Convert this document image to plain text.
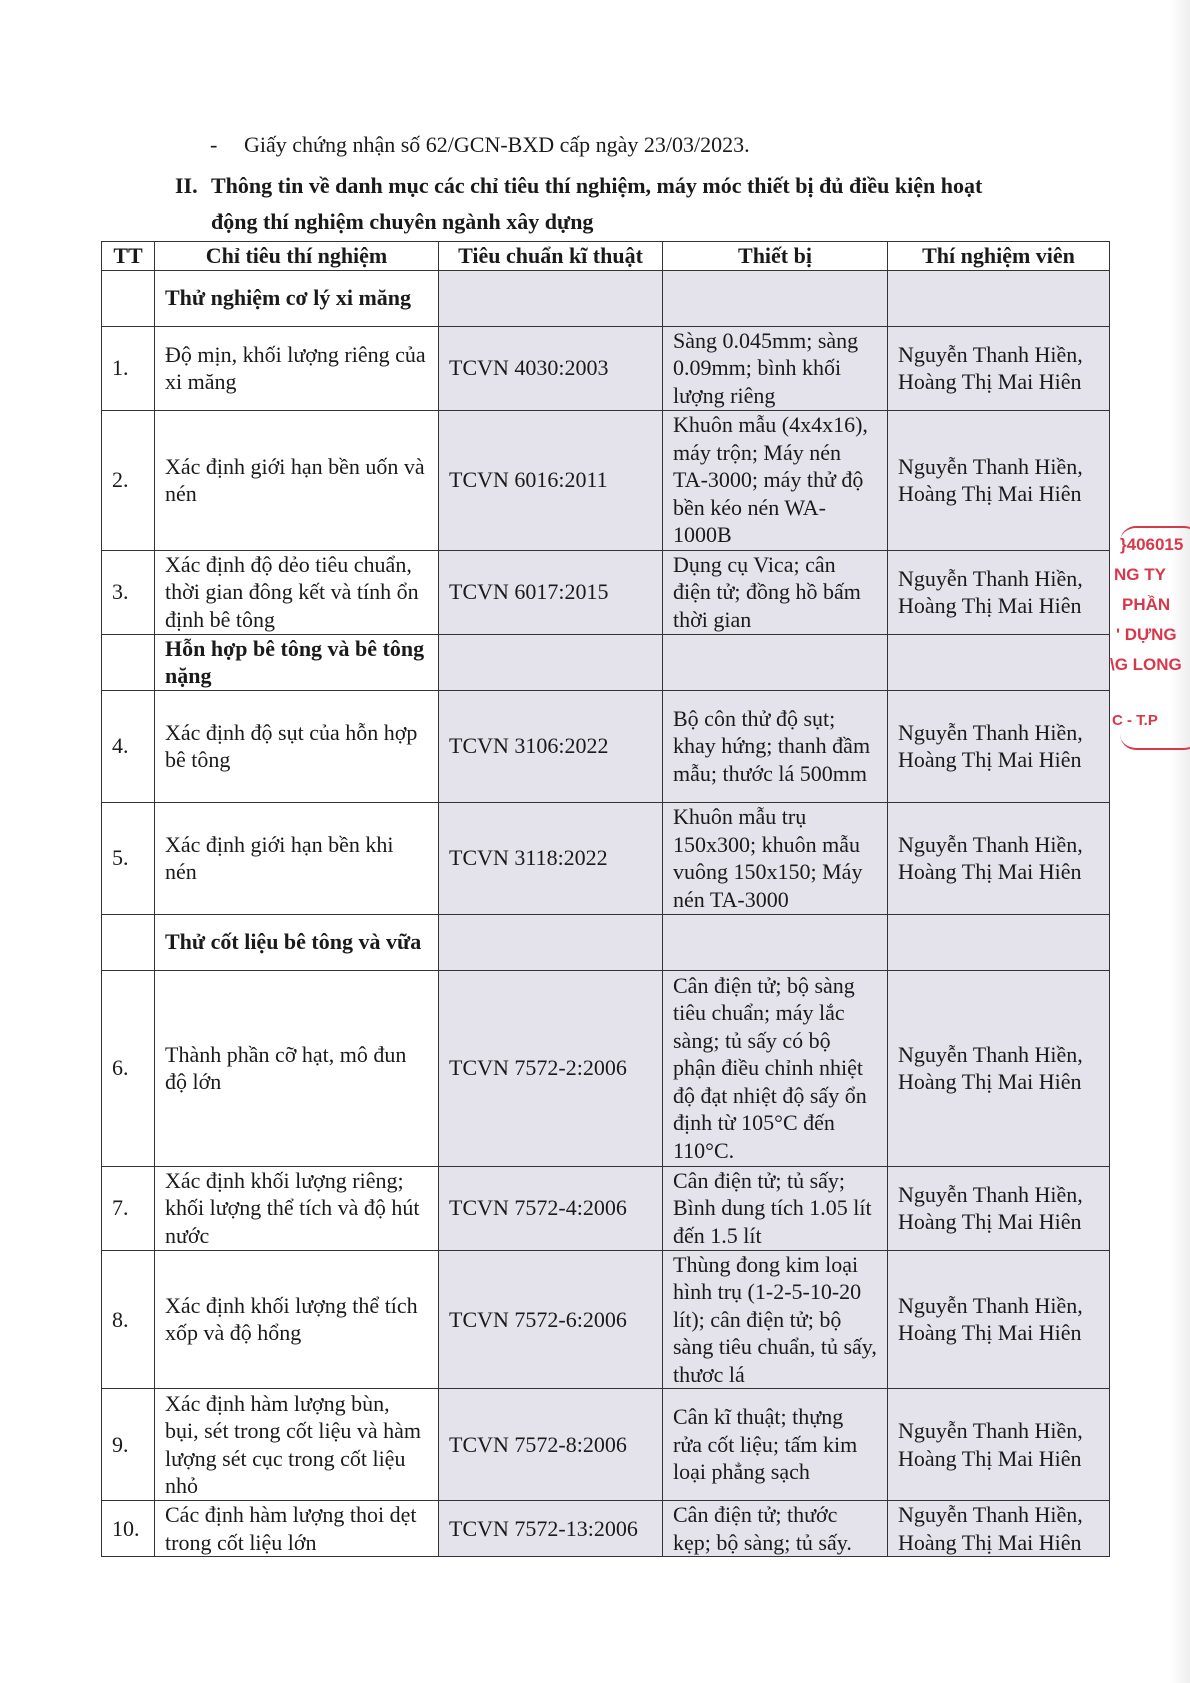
- Giấy chứng nhận số 62/GCN-BXD cấp ngày 23/03/2023.
II. Thông tin về danh mục các chỉ tiêu thí nghiệm, máy móc thiết bị đủ điều kiện hoạt
động thí nghiệm chuyên ngành xây dựng
TT	Chỉ tiêu thí nghiệm	Tiêu chuẩn kĩ thuật	Thiết bị	Thí nghiệm viên
	Thử nghiệm cơ lý xi măng			
1.	Độ mịn, khối lượng riêng của xi măng	TCVN 4030:2003	Sàng 0.045mm; sàng 0.09mm; bình khối lượng riêng	Nguyễn Thanh Hiền, Hoàng Thị Mai Hiên
2.	Xác định giới hạn bền uốn và nén	TCVN 6016:2011	Khuôn mẫu (4x4x16), máy trộn; Máy nén TA-3000; máy thử độ bền kéo nén WA-1000B	Nguyễn Thanh Hiền, Hoàng Thị Mai Hiên
3.	Xác định độ dẻo tiêu chuẩn, thời gian đông kết và tính ổn định bê tông	TCVN 6017:2015	Dụng cụ Vica; cân điện tử; đồng hồ bấm thời gian	Nguyễn Thanh Hiền, Hoàng Thị Mai Hiên
	Hỗn hợp bê tông và bê tông nặng			
4.	Xác định độ sụt của hỗn hợp bê tông	TCVN 3106:2022	Bộ côn thử độ sụt; khay hứng; thanh đầm mẫu; thước lá 500mm	Nguyễn Thanh Hiền, Hoàng Thị Mai Hiên
5.	Xác định giới hạn bền khi nén	TCVN 3118:2022	Khuôn mẫu trụ 150x300; khuôn mẫu vuông 150x150; Máy nén TA-3000	Nguyễn Thanh Hiền, Hoàng Thị Mai Hiên
	Thử cốt liệu bê tông và vữa			
6.	Thành phần cỡ hạt, mô đun độ lớn	TCVN 7572-2:2006	Cân điện tử; bộ sàng tiêu chuẩn; máy lắc sàng; tủ sấy có bộ phận điều chỉnh nhiệt độ đạt nhiệt độ sấy ổn định từ 105°C đến 110°C.	Nguyễn Thanh Hiền, Hoàng Thị Mai Hiên
7.	Xác định khối lượng riêng; khối lượng thể tích và độ hút nước	TCVN 7572-4:2006	Cân điện tử; tủ sấy; Bình dung tích 1.05 lít đến 1.5 lít	Nguyễn Thanh Hiền, Hoàng Thị Mai Hiên
8.	Xác định khối lượng thể tích xốp và độ hổng	TCVN 7572-6:2006	Thùng đong kim loại hình trụ (1-2-5-10-20 lít); cân điện tử; bộ sàng tiêu chuẩn, tủ sấy, thươc lá	Nguyễn Thanh Hiền, Hoàng Thị Mai Hiên
9.	Xác định hàm lượng bùn, bụi, sét trong cốt liệu và hàm lượng sét cục trong cốt liệu nhỏ	TCVN 7572-8:2006	Cân kĩ thuật; thựng rửa cốt liệu; tấm kim loại phẳng sạch	Nguyễn Thanh Hiền, Hoàng Thị Mai Hiên
10.	Các định hàm lượng thoi dẹt trong cốt liệu lớn	TCVN 7572-13:2006	Cân điện tử; thước kẹp; bộ sàng; tủ sấy.	Nguyễn Thanh Hiền, Hoàng Thị Mai Hiên
}406015
NG TY
PHẦN
' DỰNG
\G LONG
C - T.P
